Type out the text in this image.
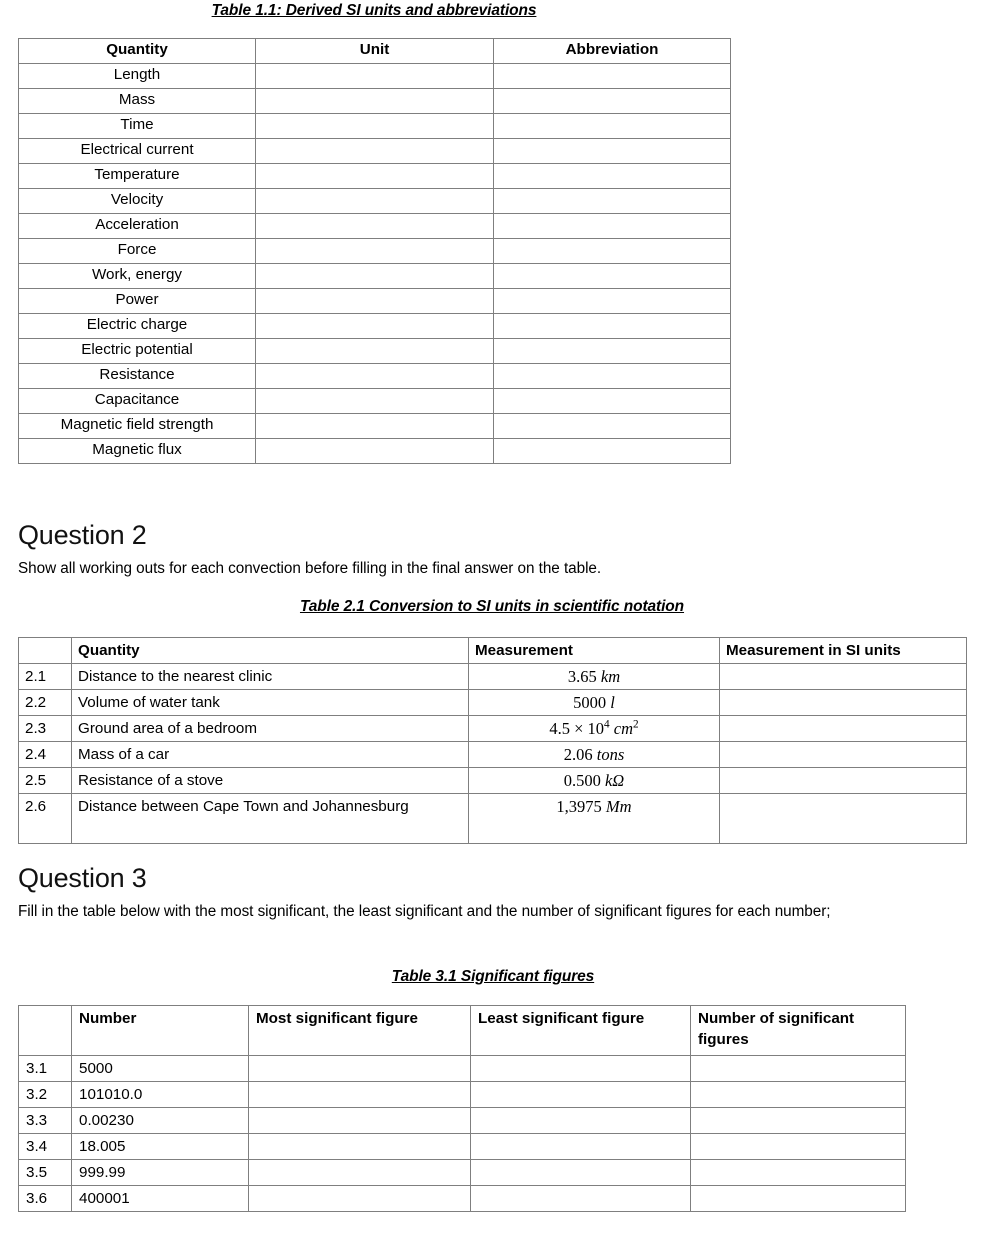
Table 1.1: Derived SI units and abbreviations
Quantity	Unit	Abbreviation
Length		
Mass		
Time		
Electrical current		
Temperature		
Velocity		
Acceleration		
Force		
Work, energy		
Power		
Electric charge		
Electric potential		
Resistance		
Capacitance		
Magnetic field strength		
Magnetic flux		
Question 2
Show all working outs for each convection before filling in the final answer on the table.
Table 2.1 Conversion to SI units in scientific notation
	Quantity	Measurement	Measurement in SI units
2.1	Distance to the nearest clinic	3.65 km	
2.2	Volume of water tank	5000 l	
2.3	Ground area of a bedroom	$4.5 \times 10^4$ $cm^2$	
2.4	Mass of a car	2.06 tons	
2.5	Resistance of a stove	0.500 kΩ	
2.6	Distance between Cape Town and Johannesburg	1,3975 Mm	
Question 3
Fill in the table below with the most significant, the least significant and the number of significant figures for each number;
Table 3.1 Significant figures
	Number	Most significant figure	Least significant figure	Number of significant figures
3.1	5000			
3.2	101010.0			
3.3	0.00230			
3.4	18.005			
3.5	999.99			
3.6	400001			
